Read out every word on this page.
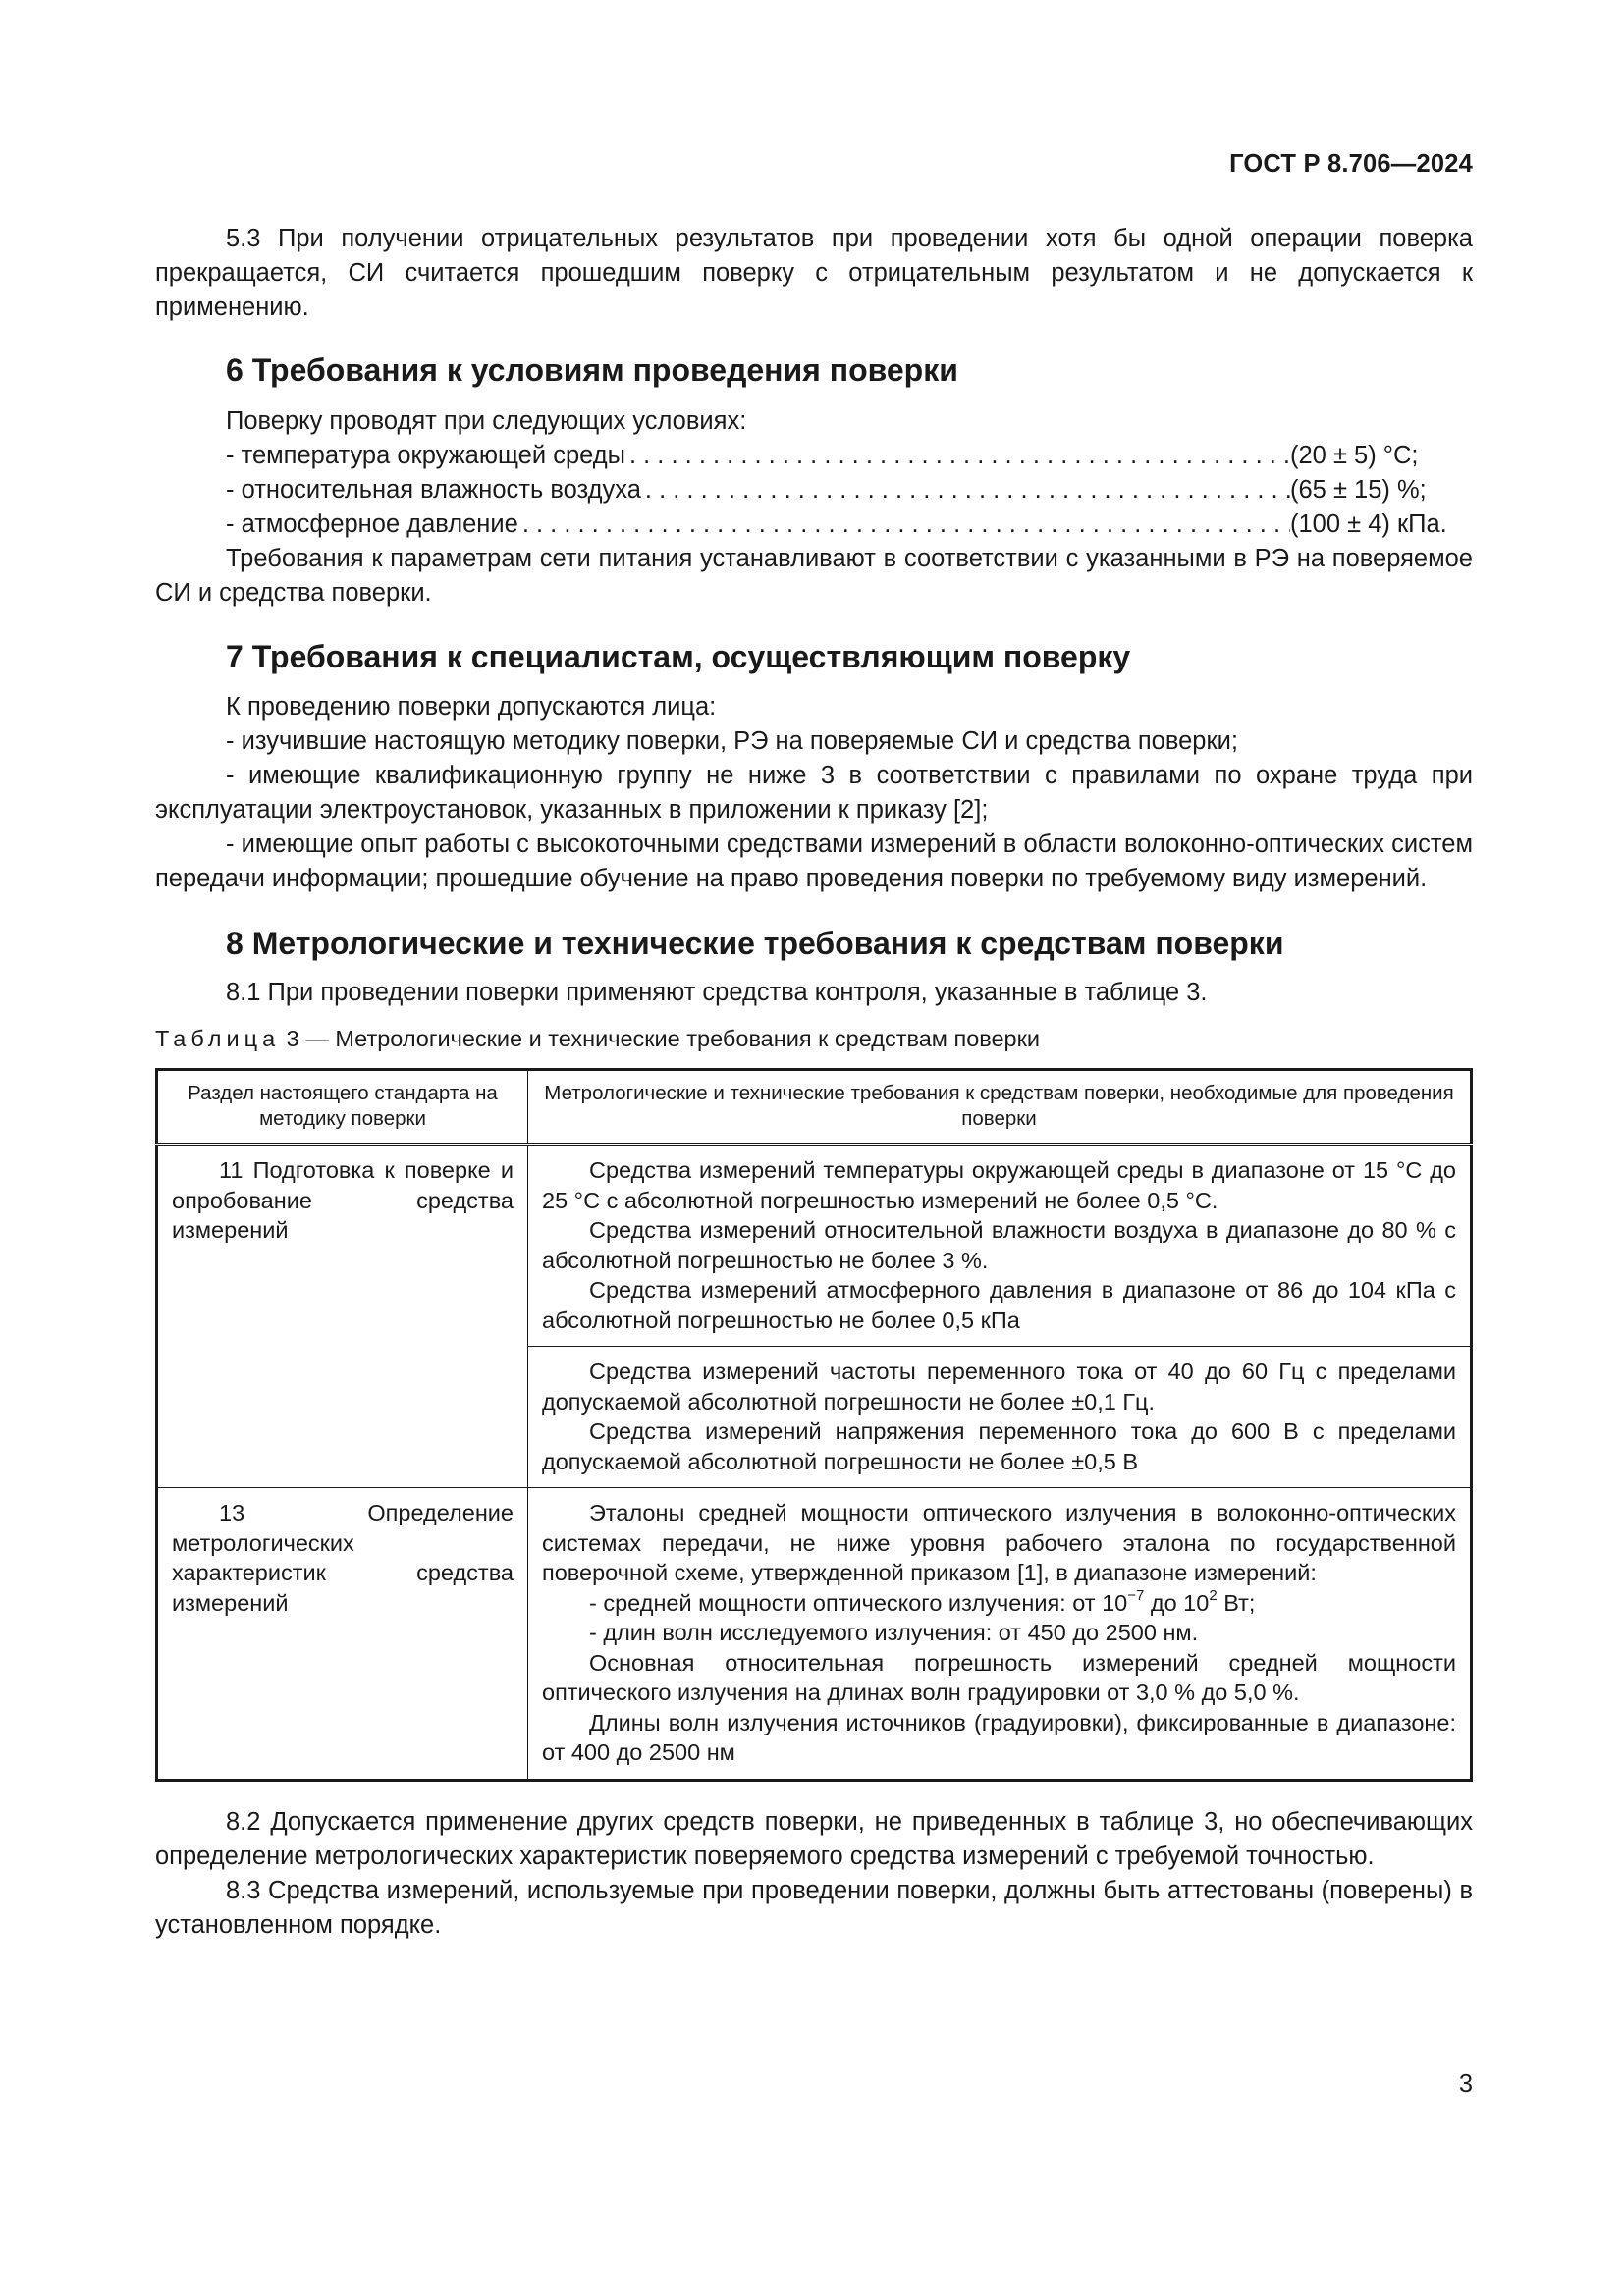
ГОСТ Р 8.706—2024

5.3 При получении отрицательных результатов при проведении хотя бы одной операции поверка прекращается, СИ считается прошедшим поверку с отрицательным результатом и не допускается к применению.

6 Требования к условиям проведения поверки

Поверку проводят при следующих условиях:

- температура окружающей среды . . .	(20 ± 5) °С;
- относительная влажность воздуха . . .	(65 ± 15) %;
- атмосферное давление . . .	(100 ± 4) кПа.

Требования к параметрам сети питания устанавливают в соответствии с указанными в РЭ на поверяемое СИ и средства поверки.

7 Требования к специалистам, осуществляющим поверку

К проведению поверки допускаются лица:

- изучившие настоящую методику поверки, РЭ на поверяемые СИ и средства поверки;

- имеющие квалификационную группу не ниже 3 в соответствии с правилами по охране труда при эксплуатации электроустановок, указанных в приложении к приказу [2];

- имеющие опыт работы с высокоточными средствами измерений в области волоконно-оптических систем передачи информации; прошедшие обучение на право проведения поверки по требуемому виду измерений.

8 Метрологические и технические требования к средствам поверки

8.1 При проведении поверки применяют средства контроля, указанные в таблице 3.

Таблица 3 — Метрологические и технические требования к средствам поверки
Раздел настоящего стандарта на методику поверки	Метрологические и технические требования к средствам поверки, необходимые для проведения поверки
11 Подготовка к поверке и опробование средства измерений	Средства измерений температуры окружающей среды в диапазоне от 15 °С до 25 °С с абсолютной погрешностью измерений не более 0,5 °С.
Средства измерений относительной влажности воздуха в диапазоне до 80 % с абсолютной погрешностью не более 3 %.
Средства измерений атмосферного давления в диапазоне от 86 до 104 кПа с абсолютной погрешностью не более 0,5 кПа

	Средства измерений частоты переменного тока от 40 до 60 Гц с пределами допускаемой абсолютной погрешности не более ±0,1 Гц.
Средства измерений напряжения переменного тока до 600 В с пределами допускаемой абсолютной погрешности не более ±0,5 В

13 Определение метрологических характеристик средства измерений	Эталоны средней мощности оптического излучения в волоконно-оптических системах передачи, не ниже уровня рабочего эталона по государственной поверочной схеме, утвержденной приказом [1], в диапазоне измерений:
- средней мощности оптического излучения: от $10^{-7}$ до $10^2$ Вт;
- длин волн исследуемого излучения: от 450 до 2500 нм.
Основная относительная погрешность измерений средней мощности оптического излучения на длинах волн градуировки от 3,0 % до 5,0 %.
Длины волн излучения источников (градуировки), фиксированные в диапазоне: от 400 до 2500 нм

8.2 Допускается применение других средств поверки, не приведенных в таблице 3, но обеспечивающих определение метрологических характеристик поверяемого средства измерений с требуемой точностью.

8.3 Средства измерений, используемые при проведении поверки, должны быть аттестованы (поверены) в установленном порядке.

3
